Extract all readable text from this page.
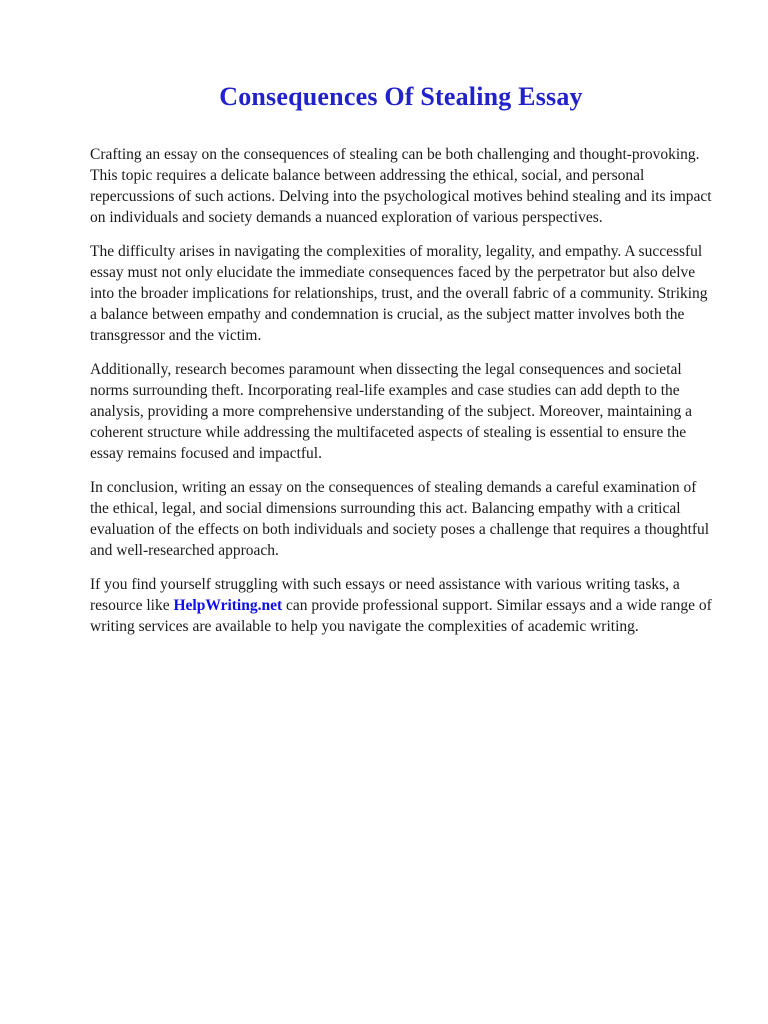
Consequences Of Stealing Essay

Crafting an essay on the consequences of stealing can be both challenging and thought-provoking. This topic requires a delicate balance between addressing the ethical, social, and personal repercussions of such actions. Delving into the psychological motives behind stealing and its impact on individuals and society demands a nuanced exploration of various perspectives.

The difficulty arises in navigating the complexities of morality, legality, and empathy. A successful essay must not only elucidate the immediate consequences faced by the perpetrator but also delve into the broader implications for relationships, trust, and the overall fabric of a community. Striking a balance between empathy and condemnation is crucial, as the subject matter involves both the transgressor and the victim.

Additionally, research becomes paramount when dissecting the legal consequences and societal norms surrounding theft. Incorporating real-life examples and case studies can add depth to the analysis, providing a more comprehensive understanding of the subject. Moreover, maintaining a coherent structure while addressing the multifaceted aspects of stealing is essential to ensure the essay remains focused and impactful.

In conclusion, writing an essay on the consequences of stealing demands a careful examination of the ethical, legal, and social dimensions surrounding this act. Balancing empathy with a critical evaluation of the effects on both individuals and society poses a challenge that requires a thoughtful and well-researched approach.

If you find yourself struggling with such essays or need assistance with various writing tasks, a resource like HelpWriting.net can provide professional support. Similar essays and a wide range of writing services are available to help you navigate the complexities of academic writing.
